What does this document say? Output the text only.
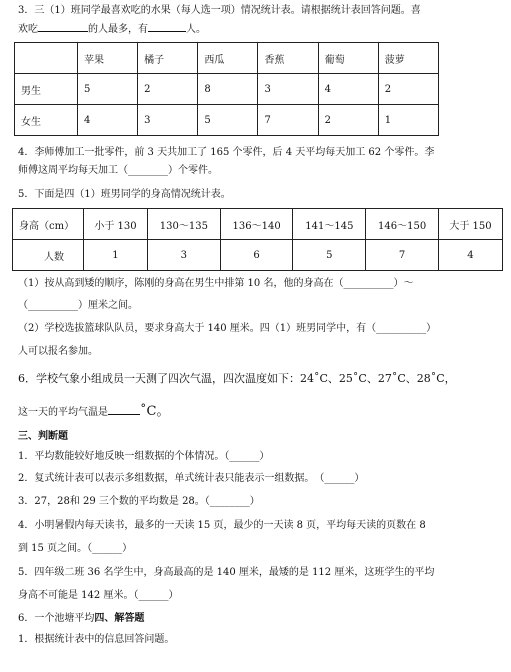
3．三（1）班同学最喜欢吃的水果（每人选一项）情况统计表。请根据统计表回答问题。喜
欢吃	的人最多，有	人。
	苹果	橘子	西瓜	香蕉	葡萄	菠萝
男生	5	2	8	3	4	2
女生	4	3	5	7	2	1
4．李师傅加工一批零件，前 3 天共加工了 165 个零件，后 4 天平均每天加工 62 个零件。李
师傅这周平均每天加工（________）个零件。
5．下面是四（1）班男同学的身高情况统计表。
身高（cm）	小于 130	130～135	136～140	141～145	146～150	大于 150
人数	1	3	6	5	7	4
（1）按从高到矮的顺序，陈刚的身高在男生中排第 10 名，他的身高在（__________）～
（__________）厘米之间。
（2）学校选拔篮球队队员，要求身高大于 140 厘米。四（1）班男同学中，有（__________）
人可以报名参加。
6．学校气象小组成员一天测了四次气温，四次温度如下：24˚C、25˚C、27˚C、28˚C，
这一天的平均气温是 ˚C。
三、判断题
1．平均数能较好地反映一组数据的个体情况。（______）
2．复式统计表可以表示多组数据，单式统计表只能表示一组数据。　（______）
3．27，28和 29 三个数的平均数是 28。（________）
4．小明暑假内每天读书，最多的一天读 15 页，最少的一天读 8 页，平均每天读的页数在 8
到 15 页之间。（______）
5．四年级二班 36 名学生中，身高最高的是 140 厘米，最矮的是 112 厘米，这班学生的平均
身高不可能是 142 厘米。（______）
6．一个池塘平均四、解答题
1．根据统计表中的信息回答问题。
